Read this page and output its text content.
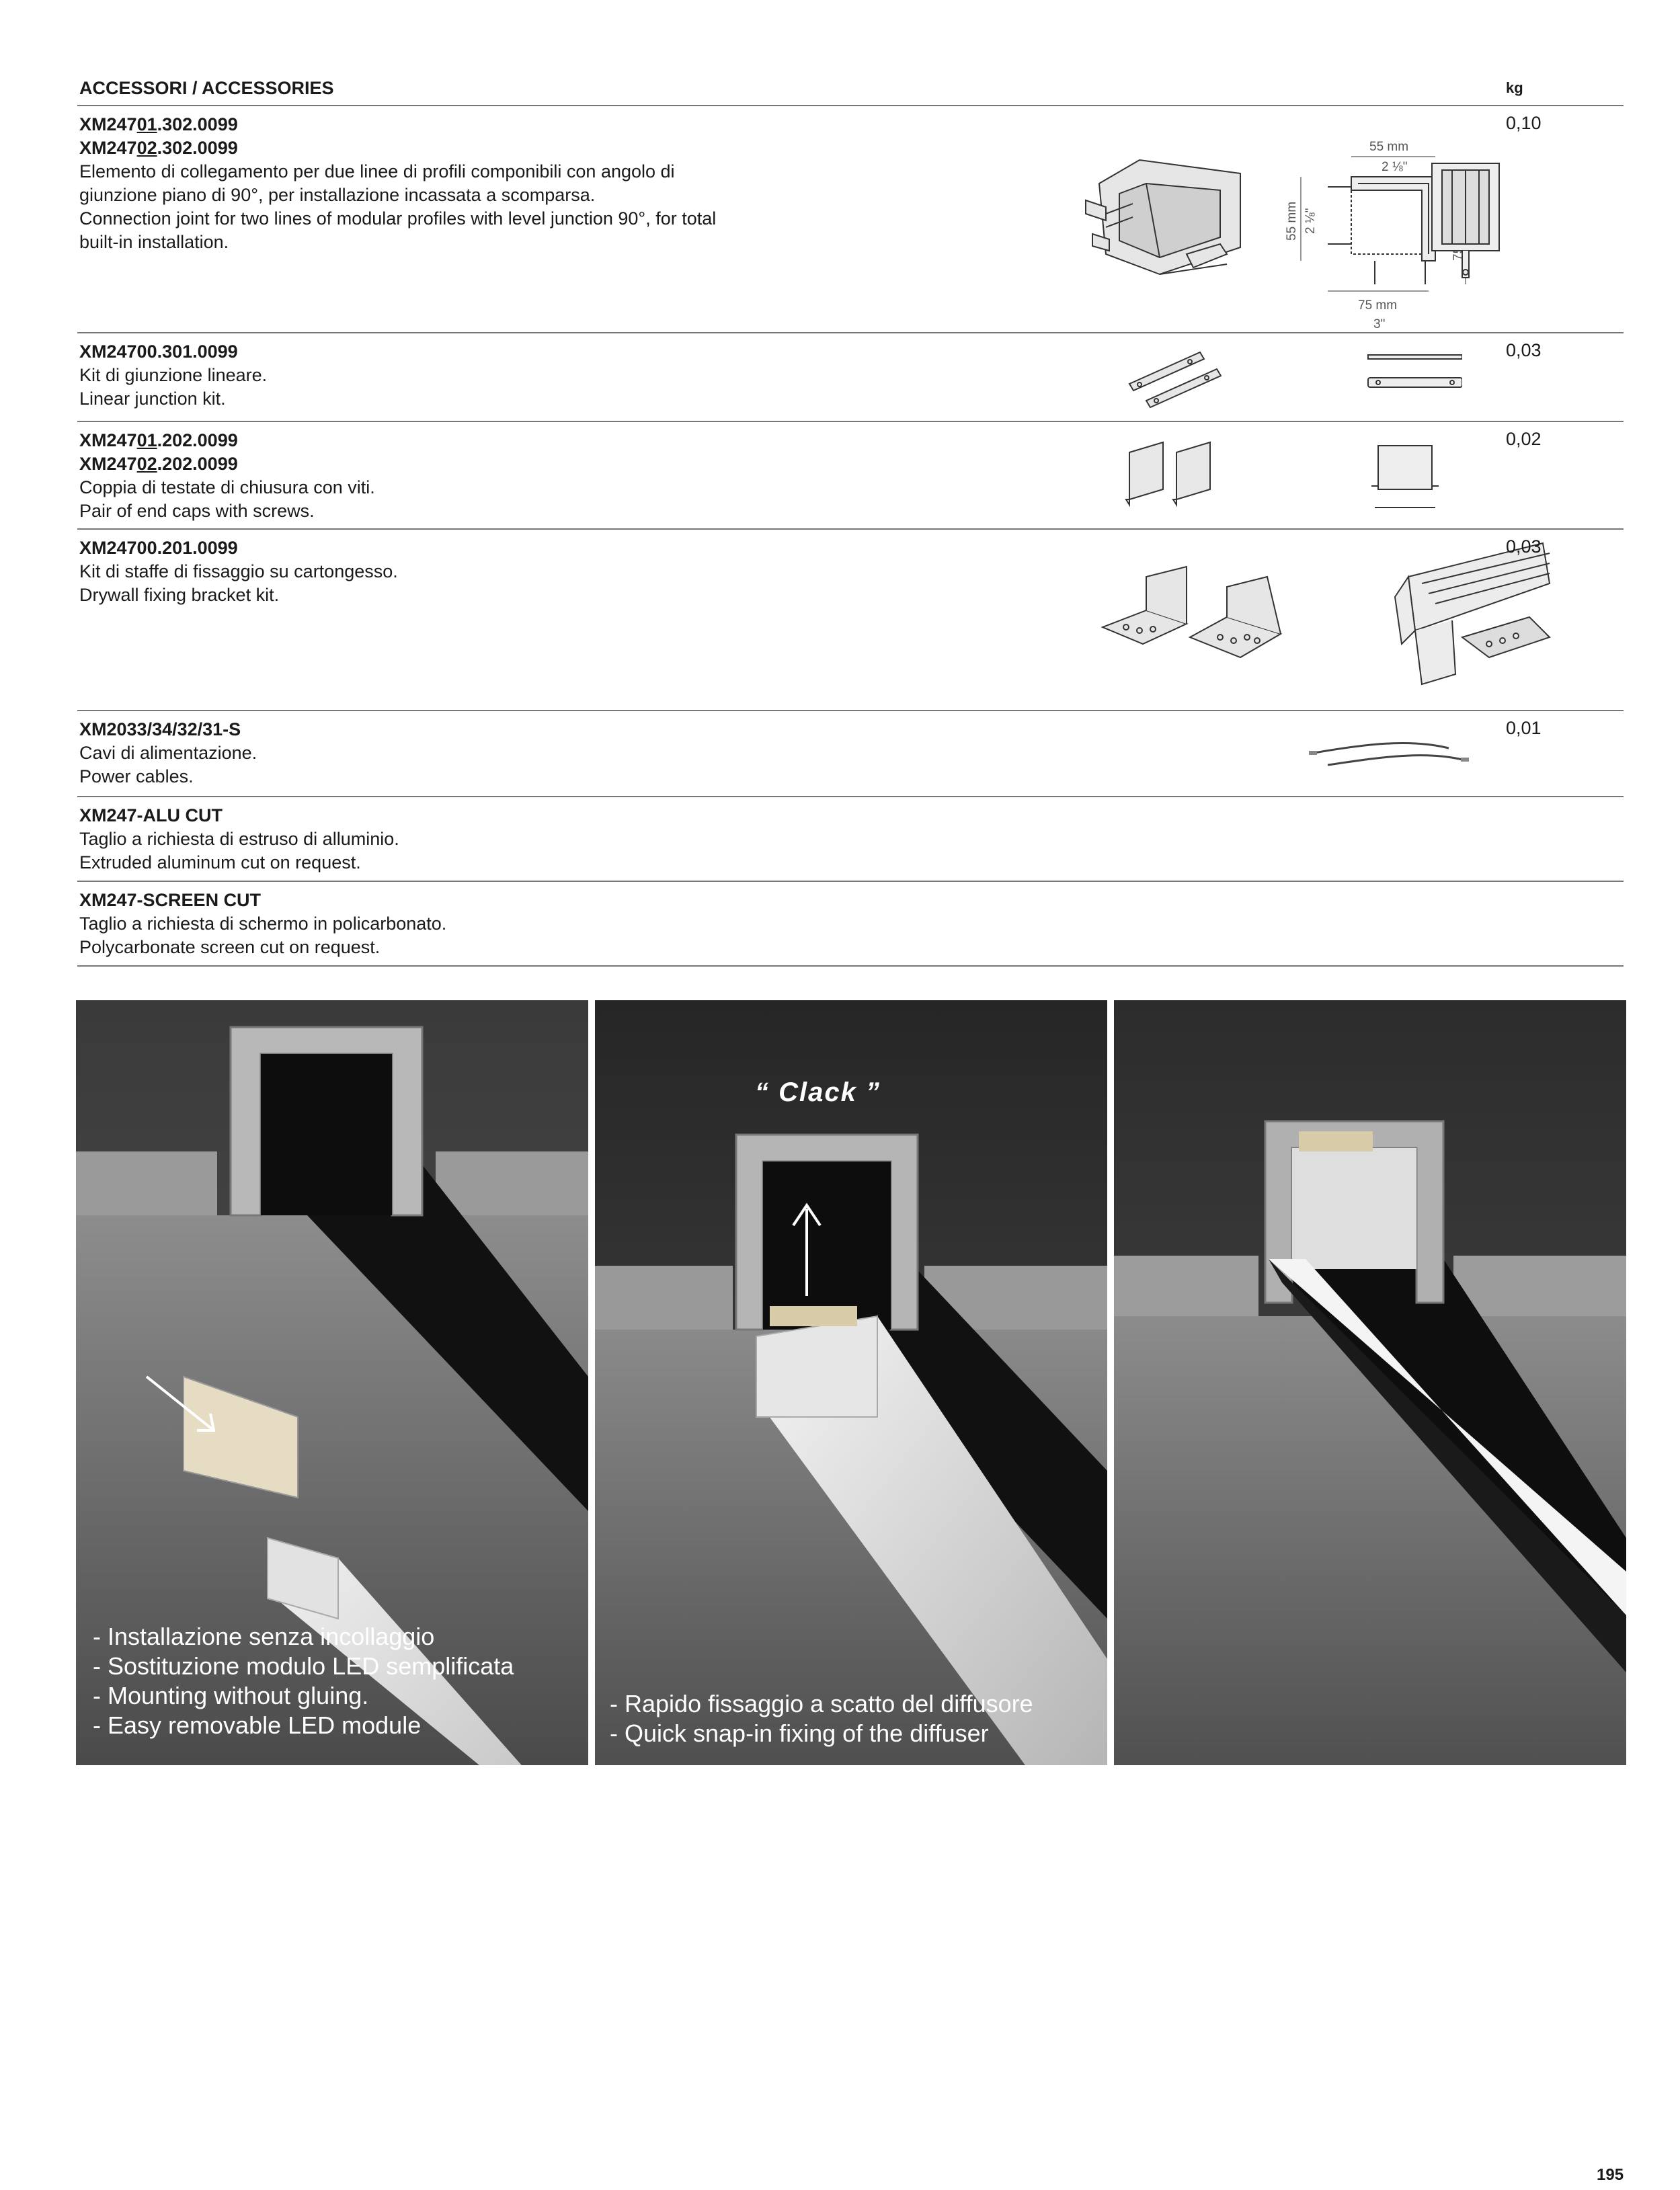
ACCESSORI / ACCESSORIES	kg
XM24701.302.0099
XM24702.302.0099
Elemento di collegamento per due linee di profili componibili con angolo di
giunzione piano di 90°, per installazione incassata a scomparsa.
Connection joint for two lines of modular profiles with level junction 90°, for total
built-in installation.
55 mm
2 ⅛"
55 mm 2 ⅛"
75 mm
3"
0,10
XM24700.301.0099
Kit di giunzione lineare.
Linear junction kit.
0,03
XM24701.202.0099
XM24702.202.0099
Coppia di testate di chiusura con viti.
Pair of end caps with screws.
0,02
XM24700.201.0099
Kit di staffe di fissaggio su cartongesso.
Drywall fixing bracket kit.
0,03
XM2033/34/32/31-S
Cavi di alimentazione.
Power cables.
0,01
XM247-ALU CUT
Taglio a richiesta di estruso di alluminio.
Extruded aluminum cut on request.
XM247-SCREEN CUT
Taglio a richiesta di schermo in policarbonato.
Polycarbonate screen cut on request.
- Installazione senza incollaggio
- Sostituzione modulo LED semplificata
- Mounting without gluing.
- Easy removable LED module
“ Clack ”
- Rapido fissaggio a scatto del diffusore
- Quick snap-in fixing of the diffuser
195
